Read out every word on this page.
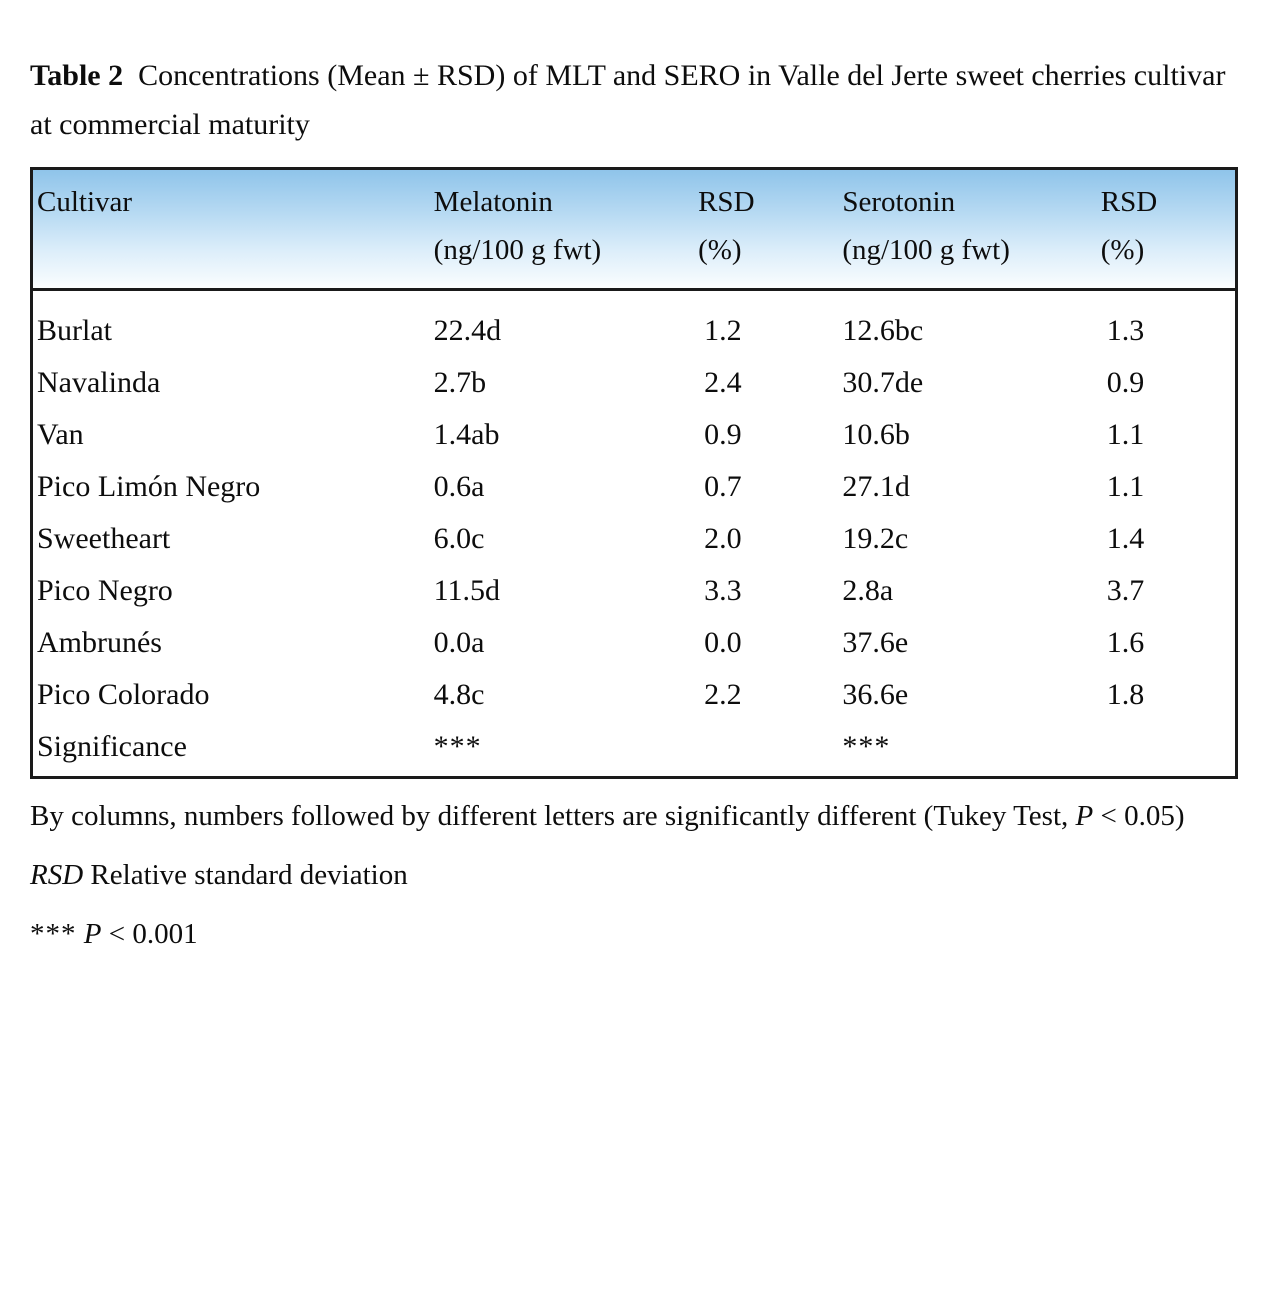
Table 2 Concentrations (Mean ± RSD) of MLT and SERO in Valle del Jerte sweet cherries cultivar at commercial maturity

Cultivar	Melatonin	RSD	Serotonin	RSD
	(ng/100 g fwt)	(%)	(ng/100 g fwt)	(%)

Burlat	22.4d	1.2	12.6bc	1.3
Navalinda	2.7b	2.4	30.7de	0.9
Van	1.4ab	0.9	10.6b	1.1
Pico Limón Negro	0.6a	0.7	27.1d	1.1
Sweetheart	6.0c	2.0	19.2c	1.4
Pico Negro	11.5d	3.3	2.8a	3.7
Ambrunés	0.0a	0.0	37.6e	1.6
Pico Colorado	4.8c	2.2	36.6e	1.8
Significance	***		***	

By columns, numbers followed by different letters are significantly different (Tukey Test, P < 0.05)

RSD Relative standard deviation

*** P < 0.001
